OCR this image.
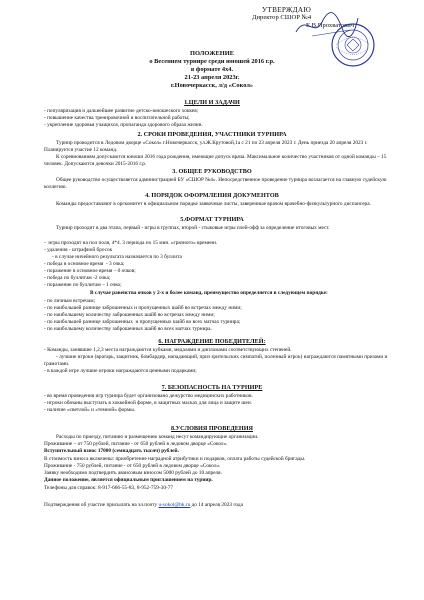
УТВЕРЖДАЮ
Директор СШОР №4
Е.В.Прохватович
ПОЛОЖЕНИЕ
о Весеннем турнире среди юношей 2016 г.р.
в формате 4х4.
21-23 апреля 2023г.
г.Новочеркасск, л/д «Сокол»
1.ЦЕЛИ И ЗАДАЧИ
- популяризация и дальнейшее развитие детско-юношеского хоккея;
- повышение качества тренировочной и воспитательной работы;
- укрепление здоровья учащихся, пропаганда здорового образа жизни.
2. СРОКИ ПРОВЕДЕНИЯ, УЧАСТНИКИ ТУРНИРА
Турнир проводится в Ледовом дворце «Сокол» г.Новочеркасск, ул.Ж.Крутовой,1а с 21 по 23 апреля 2023 г. День приезда 20 апреля 2023 г. Планируется участие 12 команд.
К соревнованиям допускаются юноши 2016 года рождения, имеющие допуск врача. Максимальное количество участников от одной команды – 15 человек. Допускаются девочки 2015-2016 г.р.
3. ОБЩЕЕ РУКОВОДСТВО
Общее руководство осуществляется администрацией БУ «СШОР №4». Непосредственное проведение турнира возлагается на главную судейскую коллегию.
4. ПОРЯДОК ОФОРМЛЕНИЯ ДОКУМЕНТОВ
Команды предоставляют в оргкомитет в официальном порядке заявочные листы, заверенные врачом врачебно-физкультурного диспансера.
5.ФОРМАТ ТУРНИРА
Турнир проходит в два этапа, первый - игры в группах, второй - стыковые игры плей-офф за определение итоговых мест.
-  игры проходят на пол поля, 4*4. 3 периода по 15 мин. «грязного» времени.
- удаления - штрафной бросок
- в случае ничейного результата назначается по 3 буллита
- победа в основное время  - 3 очка;
- поражение в основное время – 0 очков;
- победа по буллитам -2 очка;
- поражение по буллитам – 1 очко;
В случае равенства очков у 2-х и более команд, преимущество определяется в следующем порядке:
- по личным встречам;
- по наибольшей разнице заброшенных и пропущенных шайб во встречах между ними;
- по наибольшему количеству заброшенных шайб во встречах между ними;
- по наибольшей разнице заброшенных  и пропущенных шайб во всех матчах турнира;
- по наибольшему количеству заброшенных шайб во всех матчах турнира.
6. НАГРАЖДЕНИЕ ПОБЕДИТЕЛЕЙ:
- Команды, занявшие 1,2,3 места награждаются кубками, медалями и дипломами соответствующих степеней.
- лучшие игроки (вратарь, защитник, бомбардир, нападающий, приз зрительских симпатий, полезный игрок) награждаются памятными призами и грамотами.
- в каждой игре лучшие игроки награждаются ценными подарками;
7. БЕЗОПАСНОСТЬ НА ТУРНИРЕ
- во время проведения игр турнира будет организовано дежурство медицинских работников.
- игроки обязаны выступать в хоккейной форме, в защитных масках для лица и защите шеи.
- наличие «светлой» и «темной» формы.
8.УСЛОВИЯ ПРОВЕДЕНИЯ
Расходы по приезду, питанию и размещению команд несут командирующие организации.
Проживание – от 750 рублей, питание - от 650 рублей в ледовом дворце «Сокол».
Вступительный взнос 17000 (семнадцать тысяч) рублей.
В стоимость взноса включены: приобретение наградной атрибутики и подарков, оплата работы судейской бригады.
Проживание - 750 рублей, питание - от 650 рублей в ледовом дворце «Сокол».
Заявку необходимо подтвердить авансовым взносом 5000 рублей до 10 апреля.
Данное положение, является официальным приглашением на турнир.
Телефоны для справок: 8-917-666-55-83, 8-952-759-30-77
Подтверждения об участие присылать на эл.почту u-sokol@bk.ru до 14 апреля 2023 года
